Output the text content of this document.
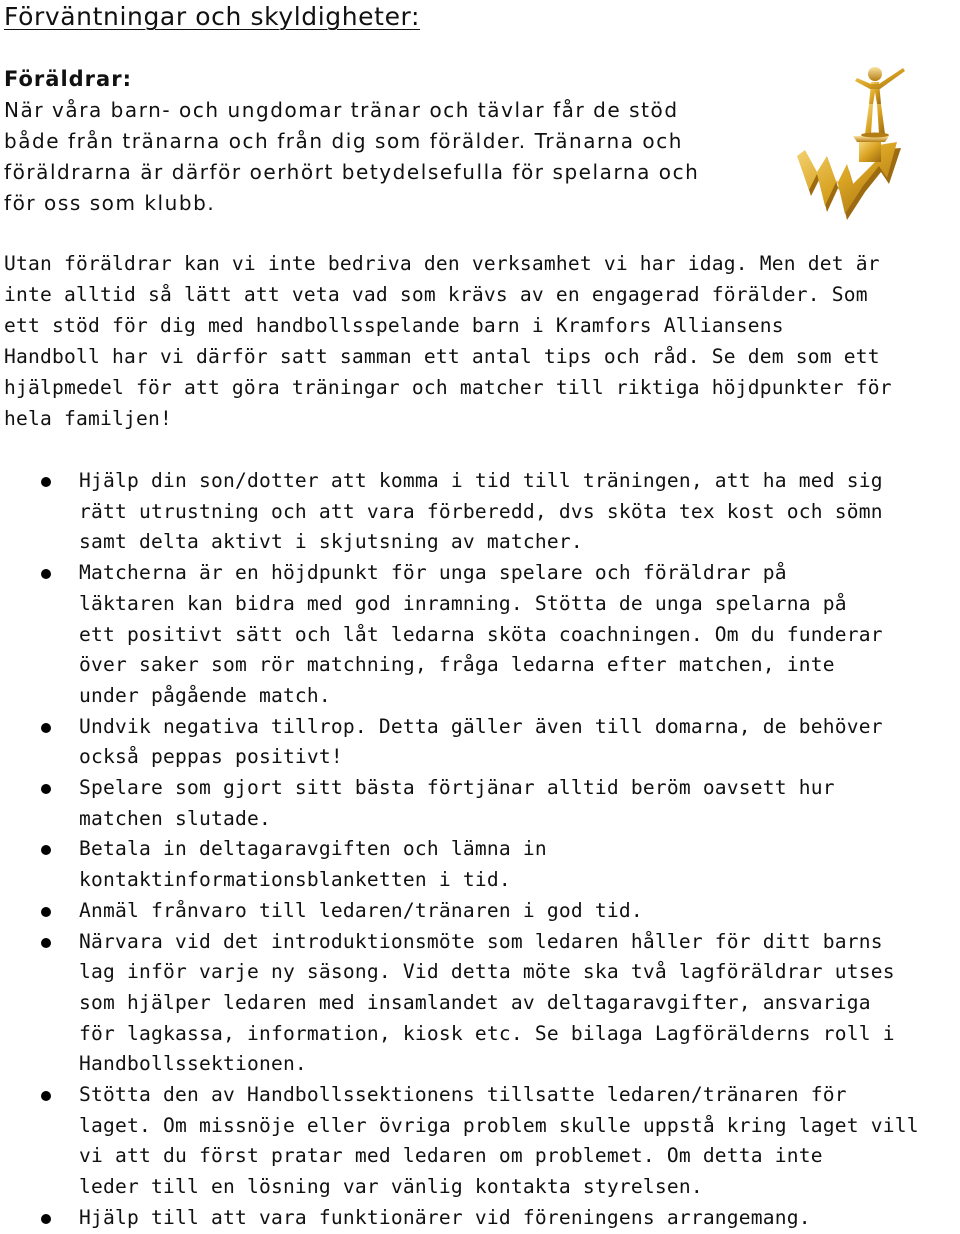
Förväntningar och skyldigheter:
Föräldrar:

När våra barn- och ungdomar tränar och tävlar får de stöd
både från tränarna och från dig som förälder. Tränarna och
föräldrarna är därför oerhört betydelsefulla för spelarna och
för oss som klubb.

Utan föräldrar kan vi inte bedriva den verksamhet vi har idag. Men det är
inte alltid så lätt att veta vad som krävs av en engagerad förälder. Som
ett stöd för dig med handbollsspelande barn i Kramfors Alliansens
Handboll har vi därför satt samman ett antal tips och råd. Se dem som ett
hjälpmedel för att göra träningar och matcher till riktiga höjdpunkter för
hela familjen!

Hjälp din son/dotter att komma i tid till träningen, att ha med sig
rätt utrustning och att vara förberedd, dvs sköta tex kost och sömn
samt delta aktivt i skjutsning av matcher.
Matcherna är en höjdpunkt för unga spelare och föräldrar på
läktaren kan bidra med god inramning. Stötta de unga spelarna på
ett positivt sätt och låt ledarna sköta coachningen. Om du funderar
över saker som rör matchning, fråga ledarna efter matchen, inte
under pågående match.
Undvik negativa tillrop. Detta gäller även till domarna, de behöver
också peppas positivt!
Spelare som gjort sitt bästa förtjänar alltid beröm oavsett hur
matchen slutade.
Betala in deltagaravgiften och lämna in
kontaktinformationsblanketten i tid.
Anmäl frånvaro till ledaren/tränaren i god tid.
Närvara vid det introduktionsmöte som ledaren håller för ditt barns
lag inför varje ny säsong. Vid detta möte ska två lagföräldrar utses
som hjälper ledaren med insamlandet av deltagaravgifter, ansvariga
för lagkassa, information, kiosk etc. Se bilaga Lagförälderns roll i
Handbollssektionen.
Stötta den av Handbollssektionens tillsatte ledaren/tränaren för
laget. Om missnöje eller övriga problem skulle uppstå kring laget vill
vi att du först pratar med ledaren om problemet. Om detta inte
leder till en lösning var vänlig kontakta styrelsen.
Hjälp till att vara funktionärer vid föreningens arrangemang.
